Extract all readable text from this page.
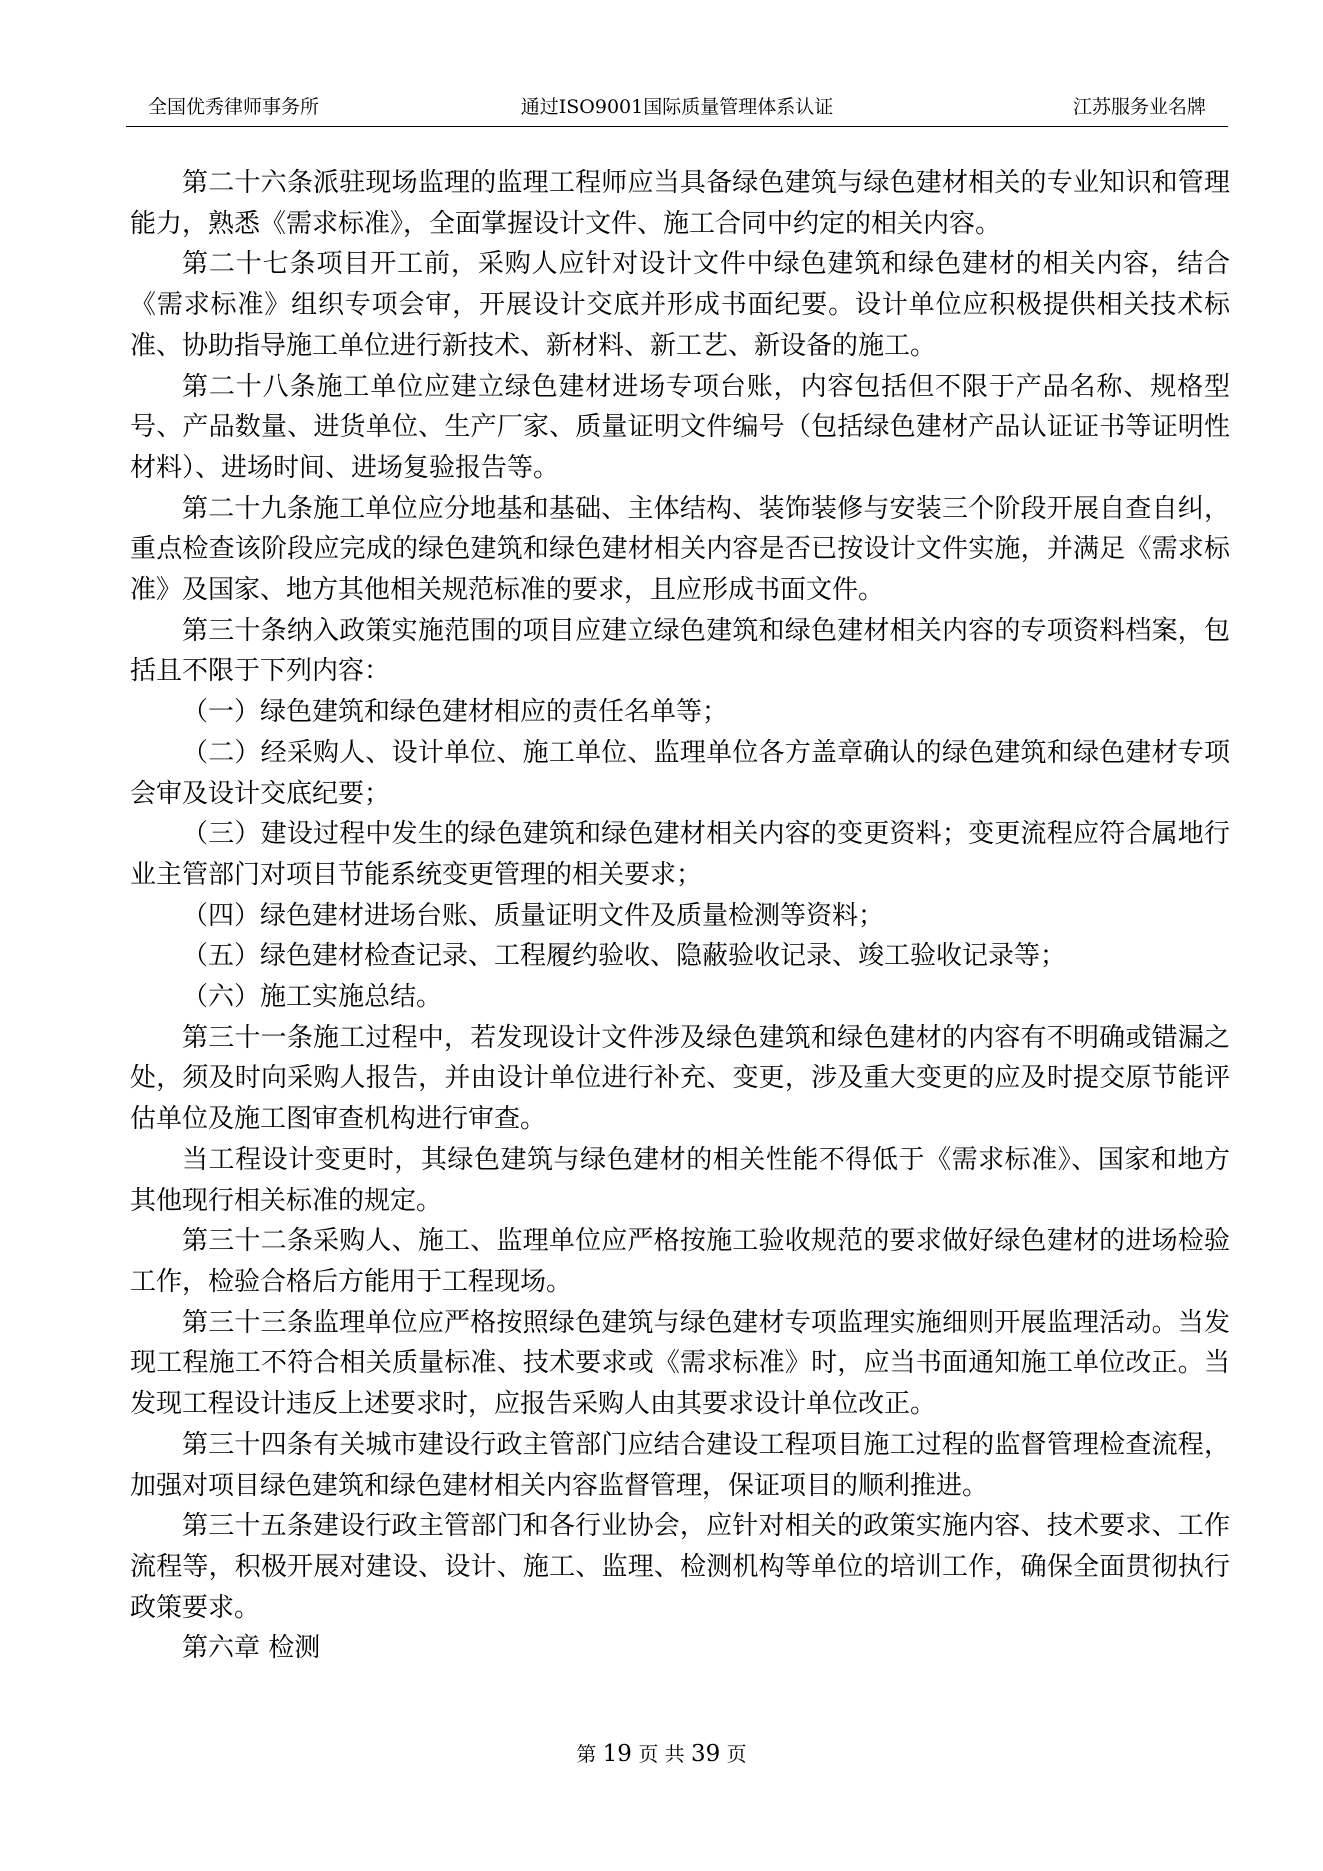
全国优秀律师事务所	通过ISO9001国际质量管理体系认证	江苏服务业名牌

第二十六条派驻现场监理的监理工程师应当具备绿色建筑与绿色建材相关的专业知识和管理能力，熟悉《需求标准》，全面掌握设计文件、施工合同中约定的相关内容。

第二十七条项目开工前，采购人应针对设计文件中绿色建筑和绿色建材的相关内容，结合《需求标准》组织专项会审，开展设计交底并形成书面纪要。设计单位应积极提供相关技术标准、协助指导施工单位进行新技术、新材料、新工艺、新设备的施工。

第二十八条施工单位应建立绿色建材进场专项台账，内容包括但不限于产品名称、规格型号、产品数量、进货单位、生产厂家、质量证明文件编号（包括绿色建材产品认证证书等证明性材料）、进场时间、进场复验报告等。

第二十九条施工单位应分地基和基础、主体结构、装饰装修与安装三个阶段开展自查自纠，重点检查该阶段应完成的绿色建筑和绿色建材相关内容是否已按设计文件实施，并满足《需求标准》及国家、地方其他相关规范标准的要求，且应形成书面文件。

第三十条纳入政策实施范围的项目应建立绿色建筑和绿色建材相关内容的专项资料档案，包括且不限于下列内容：

（一）绿色建筑和绿色建材相应的责任名单等；

（二）经采购人、设计单位、施工单位、监理单位各方盖章确认的绿色建筑和绿色建材专项会审及设计交底纪要；

（三）建设过程中发生的绿色建筑和绿色建材相关内容的变更资料；变更流程应符合属地行业主管部门对项目节能系统变更管理的相关要求；

（四）绿色建材进场台账、质量证明文件及质量检测等资料；

（五）绿色建材检查记录、工程履约验收、隐蔽验收记录、竣工验收记录等；

（六）施工实施总结。

第三十一条施工过程中，若发现设计文件涉及绿色建筑和绿色建材的内容有不明确或错漏之处，须及时向采购人报告，并由设计单位进行补充、变更，涉及重大变更的应及时提交原节能评估单位及施工图审查机构进行审查。

当工程设计变更时，其绿色建筑与绿色建材的相关性能不得低于《需求标准》、国家和地方其他现行相关标准的规定。

第三十二条采购人、施工、监理单位应严格按施工验收规范的要求做好绿色建材的进场检验工作，检验合格后方能用于工程现场。

第三十三条监理单位应严格按照绿色建筑与绿色建材专项监理实施细则开展监理活动。当发现工程施工不符合相关质量标准、技术要求或《需求标准》时，应当书面通知施工单位改正。当发现工程设计违反上述要求时，应报告采购人由其要求设计单位改正。

第三十四条有关城市建设行政主管部门应结合建设工程项目施工过程的监督管理检查流程，加强对项目绿色建筑和绿色建材相关内容监督管理，保证项目的顺利推进。

第三十五条建设行政主管部门和各行业协会，应针对相关的政策实施内容、技术要求、工作流程等，积极开展对建设、设计、施工、监理、检测机构等单位的培训工作，确保全面贯彻执行政策要求。

第六章 检测

第 19 页 共 39 页
